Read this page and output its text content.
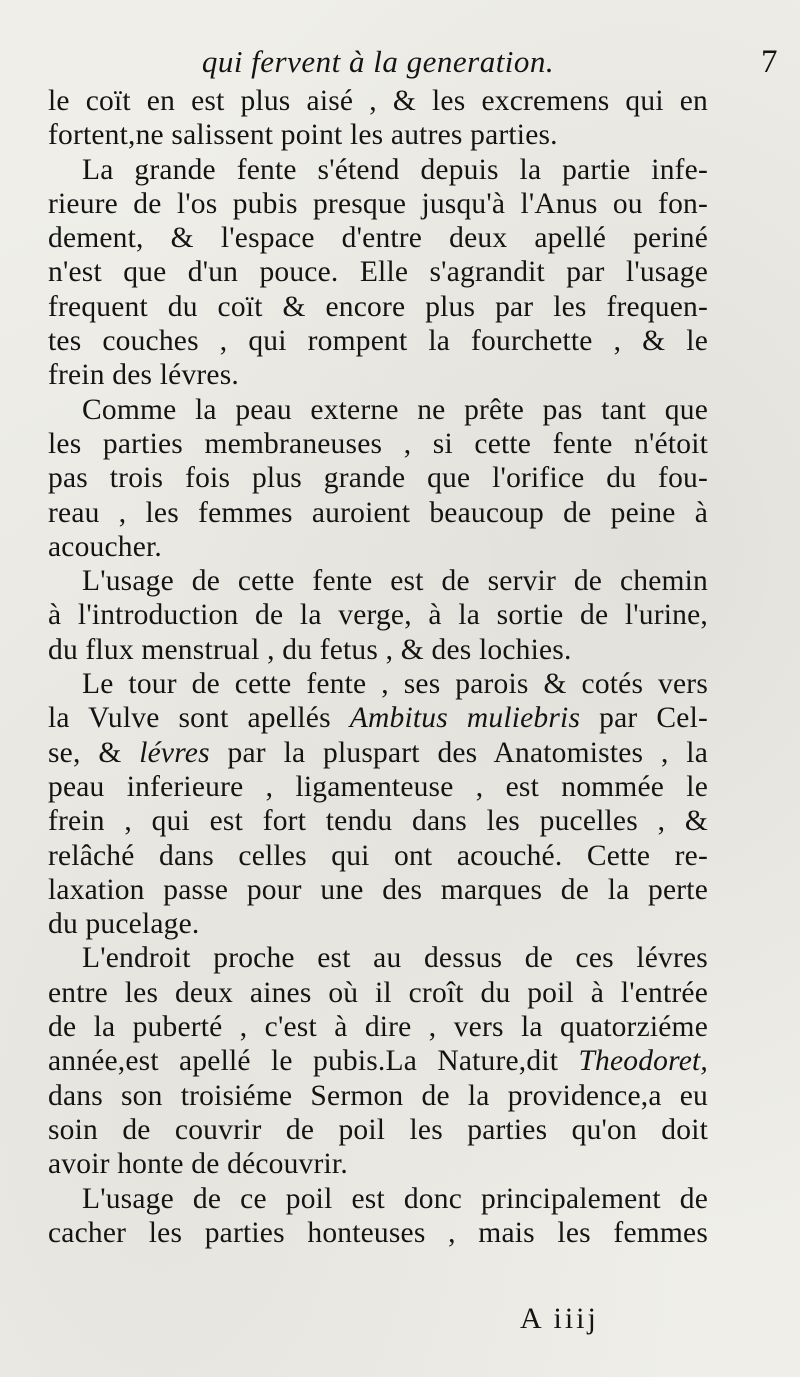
qui fervent à la generation.	7
le coït en est plus aisé , & les excremens qui en
fortent,ne salissent point les autres parties.
La grande fente s'étend depuis la partie infe-
rieure de l'os pubis presque jusqu'à l'Anus ou fon-
dement, & l'espace d'entre deux apellé periné
n'est que d'un pouce. Elle s'agrandit par l'usage
frequent du coït & encore plus par les frequen-
tes couches , qui rompent la fourchette , & le
frein des lévres.
Comme la peau externe ne prête pas tant que
les parties membraneuses , si cette fente n'étoit
pas trois fois plus grande que l'orifice du fou-
reau , les femmes auroient beaucoup de peine à
acoucher.
L'usage de cette fente est de servir de chemin
à l'introduction de la verge, à la sortie de l'urine,
du flux menstrual , du fetus , & des lochies.
Le tour de cette fente , ses parois & cotés vers
la Vulve sont apellés Ambitus muliebris par Cel-
se, & lévres par la pluspart des Anatomistes , la
peau inferieure , ligamenteuse , est nommée le
frein , qui est fort tendu dans les pucelles , &
relâché dans celles qui ont acouché. Cette re-
laxation passe pour une des marques de la perte
du pucelage.
L'endroit proche est au dessus de ces lévres
entre les deux aines où il croît du poil à l'entrée
de la puberté , c'est à dire , vers la quatorziéme
année,est apellé le pubis.La Nature,dit Theodoret,
dans son troisiéme Sermon de la providence,a eu
soin de couvrir de poil les parties qu'on doit
avoir honte de découvrir.
L'usage de ce poil est donc principalement de
cacher les parties honteuses , mais les femmes
A iiij
